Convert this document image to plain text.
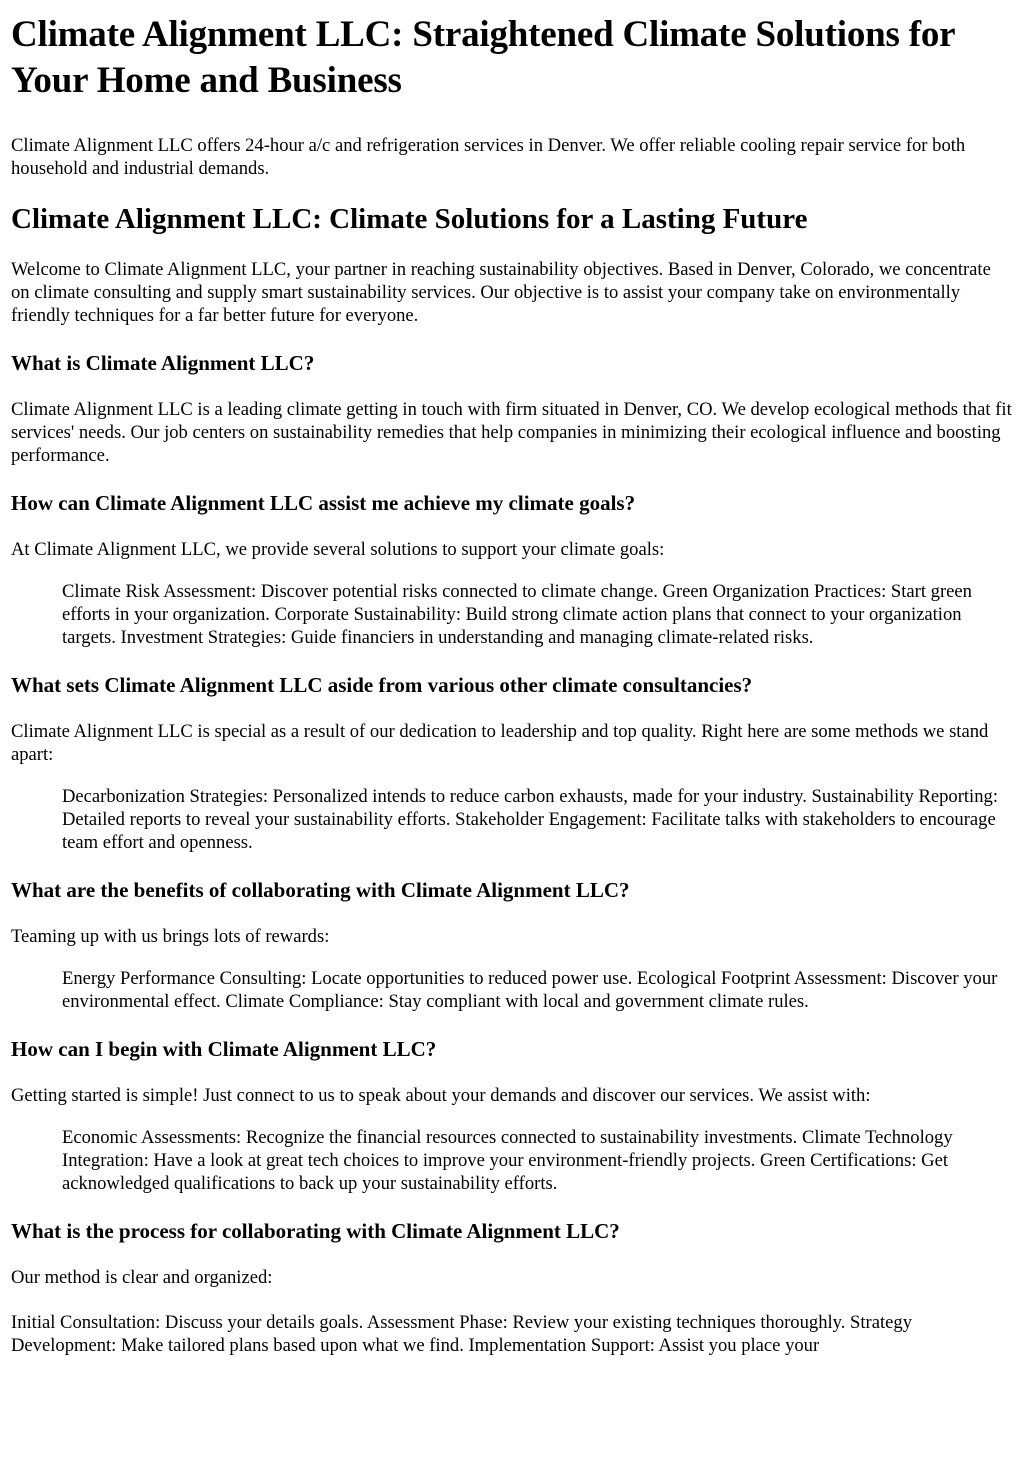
Climate Alignment LLC: Straightened Climate Solutions for Your Home and Business

Climate Alignment LLC offers 24-hour a/c and refrigeration services in Denver. We offer reliable cooling repair service for both household and industrial demands.

Climate Alignment LLC: Climate Solutions for a Lasting Future

Welcome to Climate Alignment LLC, your partner in reaching sustainability objectives. Based in Denver, Colorado, we concentrate on climate consulting and supply smart sustainability services. Our objective is to assist your company take on environmentally friendly techniques for a far better future for everyone.

What is Climate Alignment LLC?

Climate Alignment LLC is a leading climate getting in touch with firm situated in Denver, CO. We develop ecological methods that fit services' needs. Our job centers on sustainability remedies that help companies in minimizing their ecological influence and boosting performance.

How can Climate Alignment LLC assist me achieve my climate goals?

At Climate Alignment LLC, we provide several solutions to support your climate goals:

Climate Risk Assessment: Discover potential risks connected to climate change. Green Organization Practices: Start green efforts in your organization. Corporate Sustainability: Build strong climate action plans that connect to your organization targets. Investment Strategies: Guide financiers in understanding and managing climate-related risks.
What sets Climate Alignment LLC aside from various other climate consultancies?

Climate Alignment LLC is special as a result of our dedication to leadership and top quality. Right here are some methods we stand apart:

Decarbonization Strategies: Personalized intends to reduce carbon exhausts, made for your industry. Sustainability Reporting: Detailed reports to reveal your sustainability efforts. Stakeholder Engagement: Facilitate talks with stakeholders to encourage team effort and openness.
What are the benefits of collaborating with Climate Alignment LLC?

Teaming up with us brings lots of rewards:

Energy Performance Consulting: Locate opportunities to reduced power use. Ecological Footprint Assessment: Discover your environmental effect. Climate Compliance: Stay compliant with local and government climate rules.
How can I begin with Climate Alignment LLC?

Getting started is simple! Just connect to us to speak about your demands and discover our services. We assist with:

Economic Assessments: Recognize the financial resources connected to sustainability investments. Climate Technology Integration: Have a look at great tech choices to improve your environment-friendly projects. Green Certifications: Get acknowledged qualifications to back up your sustainability efforts.
What is the process for collaborating with Climate Alignment LLC?

Our method is clear and organized:

Initial Consultation: Discuss your details goals. Assessment Phase: Review your existing techniques thoroughly. Strategy Development: Make tailored plans based upon what we find. Implementation Support: Assist you place your
